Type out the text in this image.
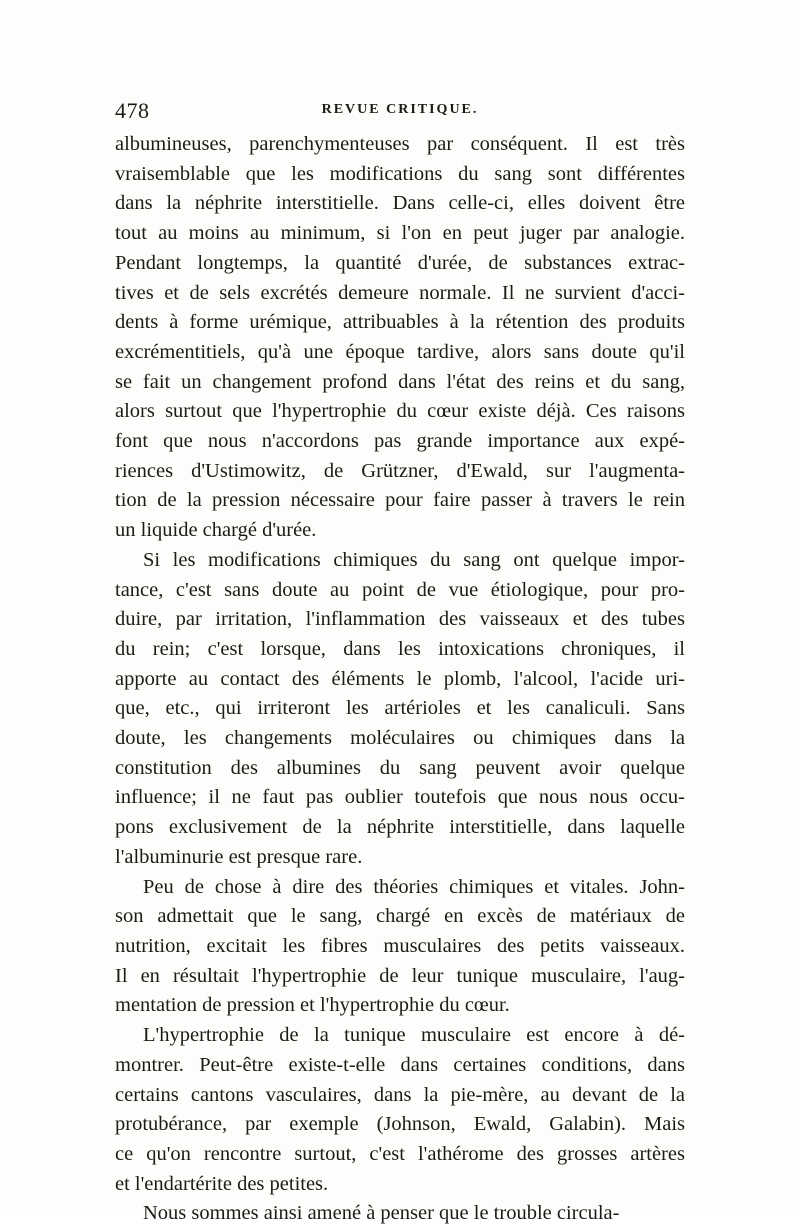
478	REVUE CRITIQUE.

albumineuses, parenchymenteuses par conséquent. Il est très
vraisemblable que les modifications du sang sont différentes
dans la néphrite interstitielle. Dans celle-ci, elles doivent être
tout au moins au minimum, si l'on en peut juger par analogie.
Pendant longtemps, la quantité d'urée, de substances extrac-
tives et de sels excrétés demeure normale. Il ne survient d'acci-
dents à forme urémique, attribuables à la rétention des produits
excrémentitiels, qu'à une époque tardive, alors sans doute qu'il
se fait un changement profond dans l'état des reins et du sang,
alors surtout que l'hypertrophie du cœur existe déjà. Ces raisons
font que nous n'accordons pas grande importance aux expé-
riences d'Ustimowitz, de Grützner, d'Ewald, sur l'augmenta-
tion de la pression nécessaire pour faire passer à travers le rein
un liquide chargé d'urée.

Si les modifications chimiques du sang ont quelque impor-
tance, c'est sans doute au point de vue étiologique, pour pro-
duire, par irritation, l'inflammation des vaisseaux et des tubes
du rein; c'est lorsque, dans les intoxications chroniques, il
apporte au contact des éléments le plomb, l'alcool, l'acide uri-
que, etc., qui irriteront les artérioles et les canaliculi. Sans
doute, les changements moléculaires ou chimiques dans la
constitution des albumines du sang peuvent avoir quelque
influence; il ne faut pas oublier toutefois que nous nous occu-
pons exclusivement de la néphrite interstitielle, dans laquelle
l'albuminurie est presque rare.

Peu de chose à dire des théories chimiques et vitales. John-
son admettait que le sang, chargé en excès de matériaux de
nutrition, excitait les fibres musculaires des petits vaisseaux.
Il en résultait l'hypertrophie de leur tunique musculaire, l'aug-
mentation de pression et l'hypertrophie du cœur.

L'hypertrophie de la tunique musculaire est encore à dé-
montrer. Peut-être existe-t-elle dans certaines conditions, dans
certains cantons vasculaires, dans la pie-mère, au devant de la
protubérance, par exemple (Johnson, Ewald, Galabin). Mais
ce qu'on rencontre surtout, c'est l'athérome des grosses artères
et l'endartérite des petites.

Nous sommes ainsi amené à penser que le trouble circula-
